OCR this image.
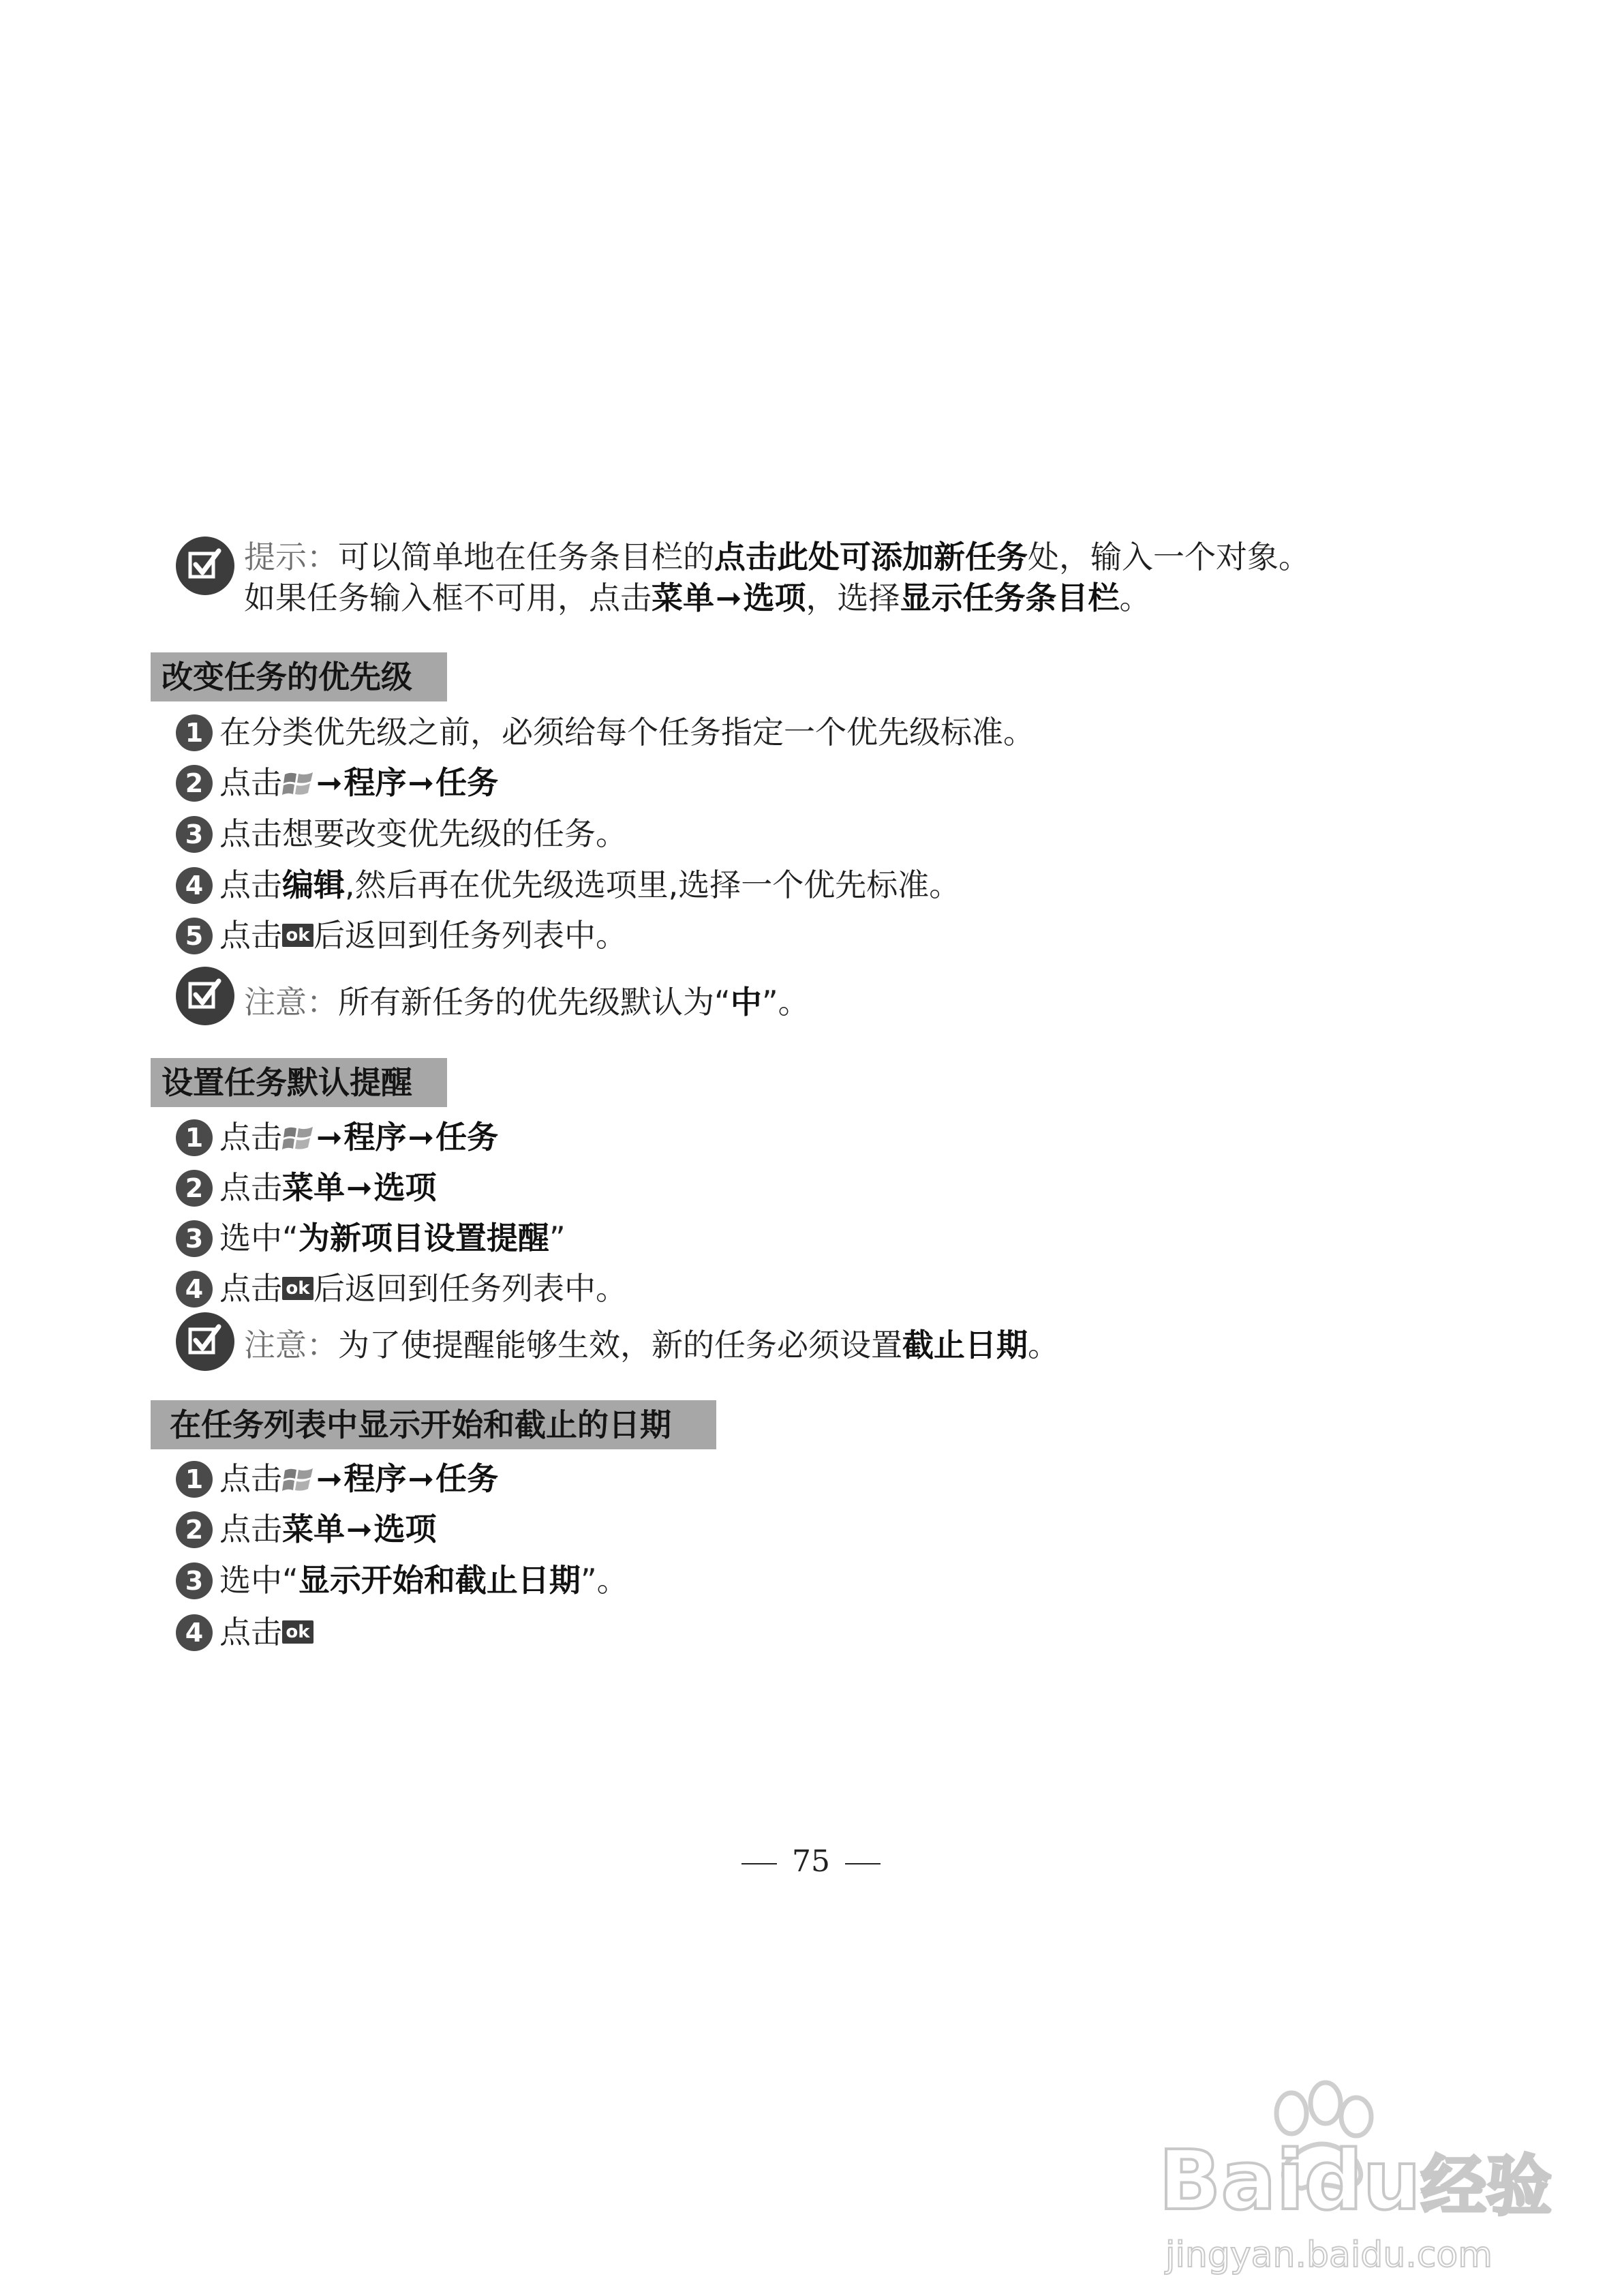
提示：可以简单地在任务条目栏的点击此处可添加新任务处，输入一个对象。
如果任务输入框不可用，点击菜单➞选项，选择显示任务条目栏。
改变任务的优先级
1 在分类优先级之前，必须给每个任务指定一个优先级标准。
2 点击 ➞程序➞任务
3 点击想要改变优先级的任务。
4 点击编辑,然后再在优先级选项里,选择一个优先标准。
5 点击 ok 后返回到任务列表中。
注意：所有新任务的优先级默认为“中”。
设置任务默认提醒
1 点击 ➞程序➞任务
2 点击菜单➞选项
3 选中“为新项目设置提醒”
4 点击 ok 后返回到任务列表中。
注意：为了使提醒能够生效，新的任务必须设置截止日期。
在任务列表中显示开始和截止的日期
1 点击 ➞程序➞任务
2 点击菜单➞选项
3 选中“显示开始和截止日期”。
4 点击 ok
75
Baidu经验
jingyan.baidu.com
